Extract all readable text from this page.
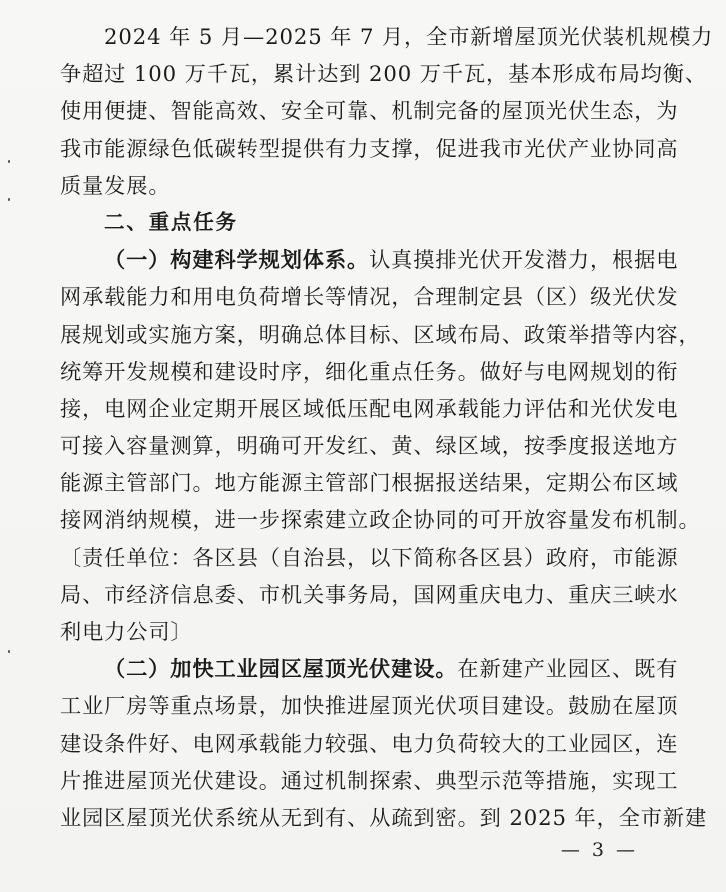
2024 年 5 月—2025 年 7 月，全市新增屋顶光伏装机规模力
争超过 100 万千瓦，累计达到 200 万千瓦，基本形成布局均衡、
使用便捷、智能高效、安全可靠、机制完备的屋顶光伏生态，为
我市能源绿色低碳转型提供有力支撑，促进我市光伏产业协同高
质量发展。
二、重点任务
（一）构建科学规划体系。认真摸排光伏开发潜力，根据电
网承载能力和用电负荷增长等情况，合理制定县（区）级光伏发
展规划或实施方案，明确总体目标、区域布局、政策举措等内容，
统筹开发规模和建设时序，细化重点任务。做好与电网规划的衔
接，电网企业定期开展区域低压配电网承载能力评估和光伏发电
可接入容量测算，明确可开发红、黄、绿区域，按季度报送地方
能源主管部门。地方能源主管部门根据报送结果，定期公布区域
接网消纳规模，进一步探索建立政企协同的可开放容量发布机制。
〔责任单位：各区县（自治县，以下简称各区县）政府，市能源
局、市经济信息委、市机关事务局，国网重庆电力、重庆三峡水
利电力公司〕
（二）加快工业园区屋顶光伏建设。在新建产业园区、既有
工业厂房等重点场景，加快推进屋顶光伏项目建设。鼓励在屋顶
建设条件好、电网承载能力较强、电力负荷较大的工业园区，连
片推进屋顶光伏建设。通过机制探索、典型示范等措施，实现工
业园区屋顶光伏系统从无到有、从疏到密。到 2025 年，全市新建
— 3 —
